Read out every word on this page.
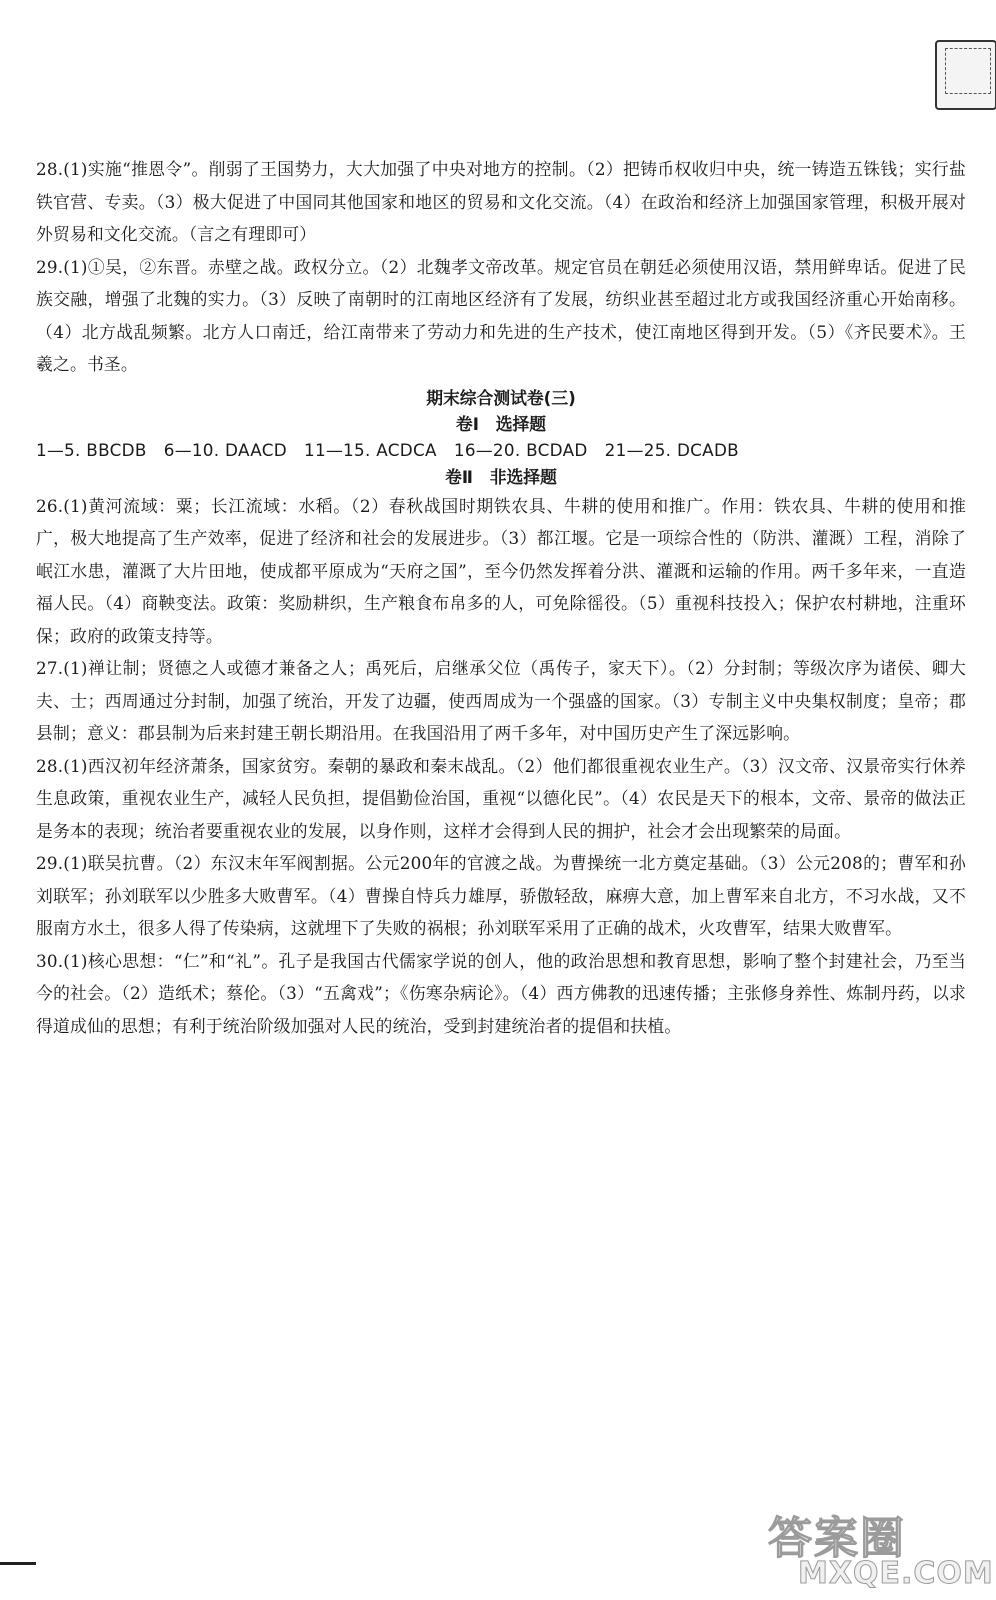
28.(1)实施“推恩令”。削弱了王国势力，大大加强了中央对地方的控制。（2）把铸币权收归中央，统一铸造五铢钱；实行盐铁官营、专卖。（3）极大促进了中国同其他国家和地区的贸易和文化交流。（4）在政治和经济上加强国家管理，积极开展对外贸易和文化交流。（言之有理即可）

29.(1)①吴，②东晋。赤壁之战。政权分立。（2）北魏孝文帝改革。规定官员在朝廷必须使用汉语，禁用鲜卑话。促进了民族交融，增强了北魏的实力。（3）反映了南朝时的江南地区经济有了发展，纺织业甚至超过北方或我国经济重心开始南移。（4）北方战乱频繁。北方人口南迁，给江南带来了劳动力和先进的生产技术，使江南地区得到开发。（5）《齐民要术》。王羲之。书圣。

期末综合测试卷(三)

卷Ⅰ　选择题

1—5. BBCDB　6—10. DAACD　11—15. ACDCA　16—20. BCDAD　21—25. DCADB

卷Ⅱ　非选择题

26.(1)黄河流域：粟；长江流域：水稻。（2）春秋战国时期铁农具、牛耕的使用和推广。作用：铁农具、牛耕的使用和推广，极大地提高了生产效率，促进了经济和社会的发展进步。（3）都江堰。它是一项综合性的（防洪、灌溉）工程，消除了岷江水患，灌溉了大片田地，使成都平原成为“天府之国”，至今仍然发挥着分洪、灌溉和运输的作用。两千多年来，一直造福人民。（4）商鞅变法。政策：奖励耕织，生产粮食布帛多的人，可免除徭役。（5）重视科技投入；保护农村耕地，注重环保；政府的政策支持等。

27.(1)禅让制；贤德之人或德才兼备之人；禹死后，启继承父位（禹传子，家天下）。（2）分封制；等级次序为诸侯、卿大夫、士；西周通过分封制，加强了统治，开发了边疆，使西周成为一个强盛的国家。（3）专制主义中央集权制度；皇帝；郡县制；意义：郡县制为后来封建王朝长期沿用。在我国沿用了两千多年，对中国历史产生了深远影响。

28.(1)西汉初年经济萧条，国家贫穷。秦朝的暴政和秦末战乱。（2）他们都很重视农业生产。（3）汉文帝、汉景帝实行休养生息政策，重视农业生产，减轻人民负担，提倡勤俭治国，重视“以德化民”。（4）农民是天下的根本，文帝、景帝的做法正是务本的表现；统治者要重视农业的发展，以身作则，这样才会得到人民的拥护，社会才会出现繁荣的局面。

29.(1)联吴抗曹。（2）东汉末年军阀割据。公元200年的官渡之战。为曹操统一北方奠定基础。（3）公元208的；曹军和孙刘联军；孙刘联军以少胜多大败曹军。（4）曹操自恃兵力雄厚，骄傲轻敌，麻痹大意，加上曹军来自北方，不习水战，又不服南方水土，很多人得了传染病，这就埋下了失败的祸根；孙刘联军采用了正确的战术，火攻曹军，结果大败曹军。

30.(1)核心思想：“仁”和“礼”。孔子是我国古代儒家学说的创人，他的政治思想和教育思想，影响了整个封建社会，乃至当今的社会。（2）造纸术；蔡伦。（3）“五禽戏”；《伤寒杂病论》。（4）西方佛教的迅速传播；主张修身养性、炼制丹药，以求得道成仙的思想；有利于统治阶级加强对人民的统治，受到封建统治者的提倡和扶植。

答案圈
MXQE.COM
